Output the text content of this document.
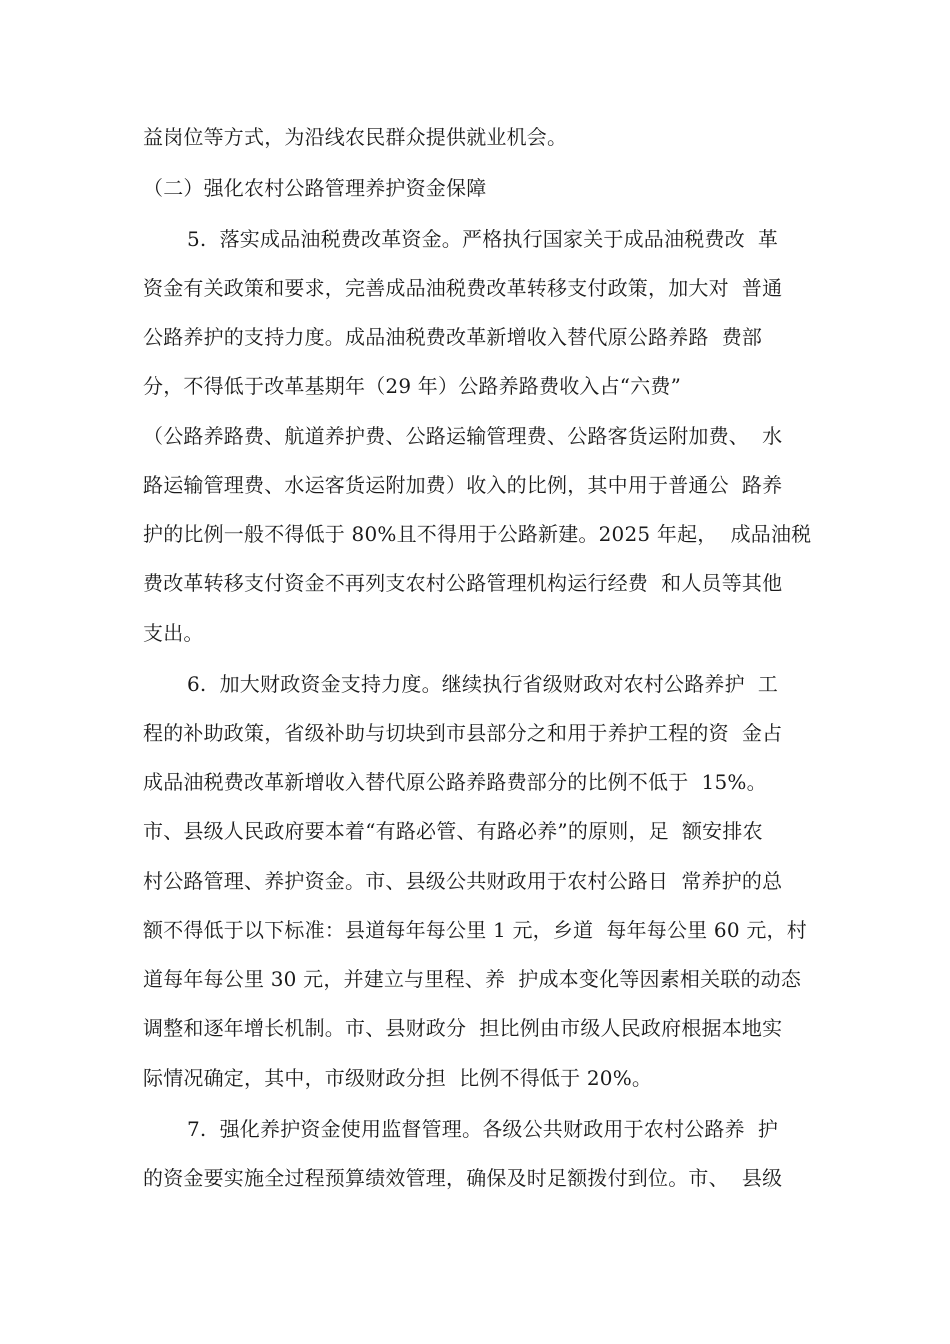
益岗位等方式，为沿线农民群众提供就业机会。
（二）强化农村公路管理养护资金保障
5.  落实成品油税费改革资金。严格执行国家关于成品油税费改  革
资金有关政策和要求，完善成品油税费改革转移支付政策，加大对  普通
公路养护的支持力度。成品油税费改革新增收入替代原公路养路  费部
分，不得低于改革基期年（29 年）公路养路费收入占“六费”
（公路养路费、航道养护费、公路运输管理费、公路客货运附加费、  水
路运输管理费、水运客货运附加费）收入的比例，其中用于普通公  路养
护的比例一般不得低于 80%且不得用于公路新建。2025 年起，  成品油税
费改革转移支付资金不再列支农村公路管理机构运行经费  和人员等其他
支出。
6.  加大财政资金支持力度。继续执行省级财政对农村公路养护  工
程的补助政策，省级补助与切块到市县部分之和用于养护工程的资  金占
成品油税费改革新增收入替代原公路养路费部分的比例不低于  15%。
市、县级人民政府要本着“有路必管、有路必养”的原则，足  额安排农
村公路管理、养护资金。市、县级公共财政用于农村公路日  常养护的总
额不得低于以下标准：县道每年每公里 1 元，乡道  每年每公里 60 元，村
道每年每公里 30 元，并建立与里程、养  护成本变化等因素相关联的动态
调整和逐年增长机制。市、县财政分  担比例由市级人民政府根据本地实
际情况确定，其中，市级财政分担  比例不得低于 20%。
7.  强化养护资金使用监督管理。各级公共财政用于农村公路养  护
的资金要实施全过程预算绩效管理，确保及时足额拨付到位。市、  县级
